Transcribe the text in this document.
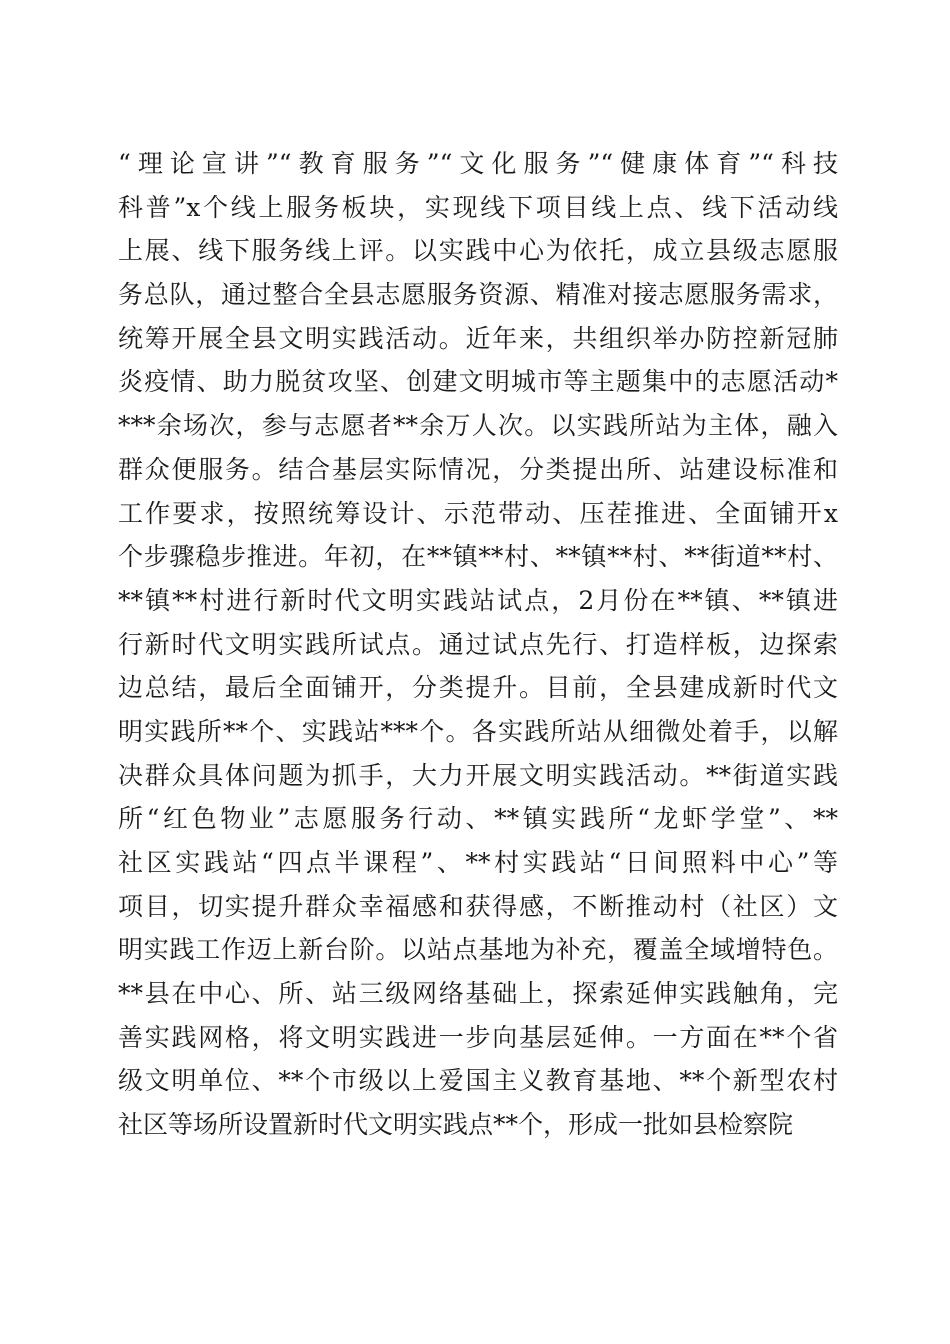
“理论宣讲”“教育服务”“文化服务”“健康体育”“科技
科普”x个线上服务板块，实现线下项目线上点、线下活动线
上展、线下服务线上评。以实践中心为依托，成立县级志愿服
务总队，通过整合全县志愿服务资源、精准对接志愿服务需求，
统筹开展全县文明实践活动。近年来，共组织举办防控新冠肺
炎疫情、助力脱贫攻坚、创建文明城市等主题集中的志愿活动*
***余场次，参与志愿者**余万人次。以实践所站为主体，融入
群众便服务。结合基层实际情况，分类提出所、站建设标准和
工作要求，按照统筹设计、示范带动、压茬推进、全面铺开x
个步骤稳步推进。年初，在**镇**村、**镇**村、**街道**村、
**镇**村进行新时代文明实践站试点，2月份在**镇、**镇进
行新时代文明实践所试点。通过试点先行、打造样板，边探索
边总结，最后全面铺开，分类提升。目前，全县建成新时代文
明实践所**个、实践站***个。各实践所站从细微处着手，以解
决群众具体问题为抓手，大力开展文明实践活动。**街道实践
所“红色物业”志愿服务行动、**镇实践所“龙虾学堂”、**
社区实践站“四点半课程”、**村实践站“日间照料中心”等
项目，切实提升群众幸福感和获得感，不断推动村（社区）文
明实践工作迈上新台阶。以站点基地为补充，覆盖全域增特色。
**县在中心、所、站三级网络基础上，探索延伸实践触角，完
善实践网格，将文明实践进一步向基层延伸。一方面在**个省
级文明单位、**个市级以上爱国主义教育基地、**个新型农村
社区等场所设置新时代文明实践点**个，形成一批如县检察院
